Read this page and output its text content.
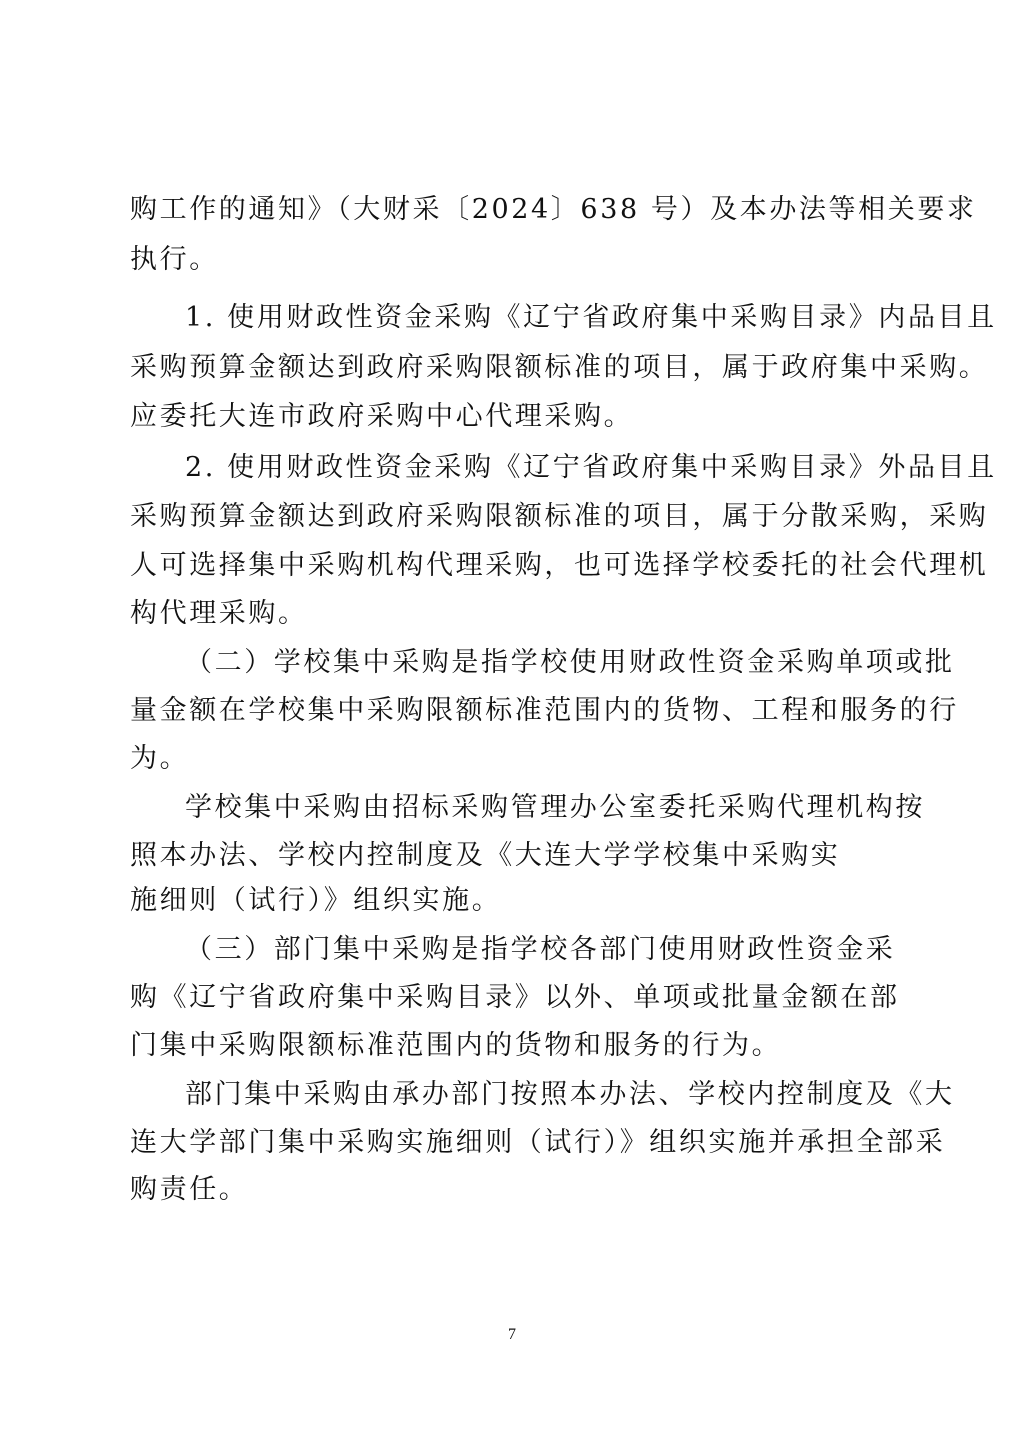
购工作的通知》（大财采〔2024〕638 号）及本办法等相关要求
执行。
1. 使用财政性资金采购《辽宁省政府集中采购目录》内品目且
采购预算金额达到政府采购限额标准的项目，属于政府集中采购。
应委托大连市政府采购中心代理采购。
2. 使用财政性资金采购《辽宁省政府集中采购目录》外品目且
采购预算金额达到政府采购限额标准的项目，属于分散采购，采购
人可选择集中采购机构代理采购，也可选择学校委托的社会代理机
构代理采购。
（二）学校集中采购是指学校使用财政性资金采购单项或批
量金额在学校集中采购限额标准范围内的货物、工程和服务的行
为。
学校集中采购由招标采购管理办公室委托采购代理机构按
照本办法、学校内控制度及《大连大学学校集中采购实
施细则（试行）》组织实施。
（三）部门集中采购是指学校各部门使用财政性资金采
购《辽宁省政府集中采购目录》以外、单项或批量金额在部
门集中采购限额标准范围内的货物和服务的行为。
部门集中采购由承办部门按照本办法、学校内控制度及《大
连大学部门集中采购实施细则（试行）》组织实施并承担全部采
购责任。
7
